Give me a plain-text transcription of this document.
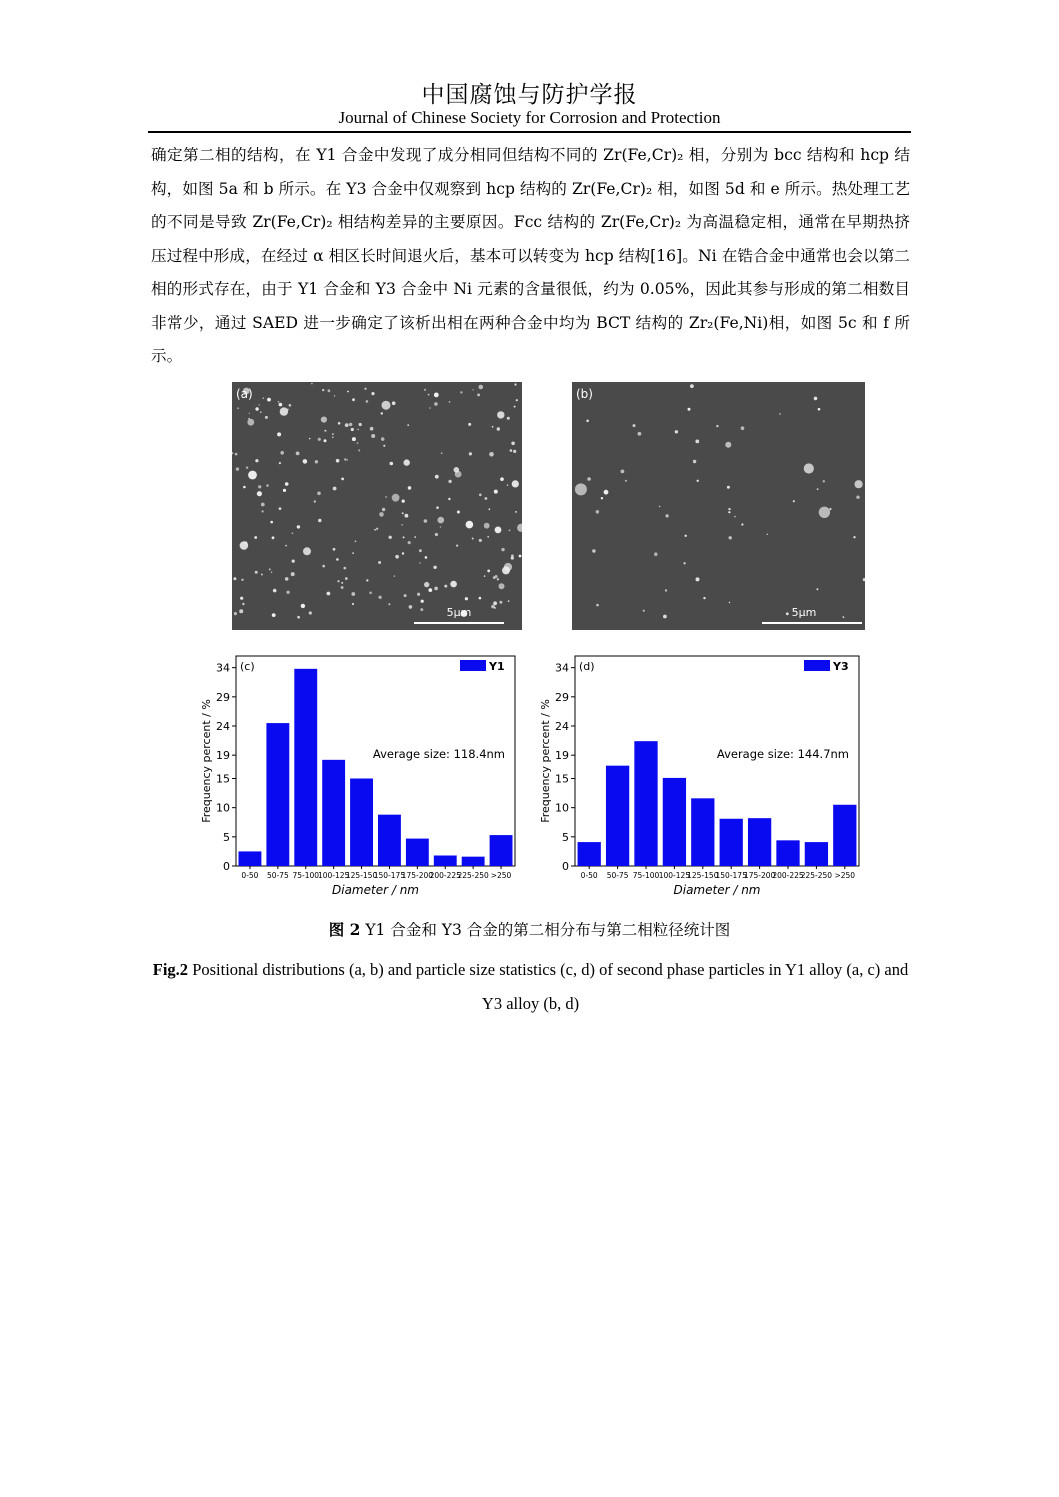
中国腐蚀与防护学报
Journal of Chinese Society for Corrosion and Protection

确定第二相的结构，在 Y1 合金中发现了成分相同但结构不同的 Zr(Fe,Cr)₂ 相，分别为 bcc 结构和 hcp 结构，如图 5a 和 b 所示。在 Y3 合金中仅观察到 hcp 结构的 Zr(Fe,Cr)₂ 相，如图 5d 和 e 所示。热处理工艺的不同是导致 Zr(Fe,Cr)₂ 相结构差异的主要原因。Fcc 结构的 Zr(Fe,Cr)₂ 为高温稳定相，通常在早期热挤压过程中形成，在经过 α 相区长时间退火后，基本可以转变为 hcp 结构[16]。Ni 在锆合金中通常也会以第二相的形式存在，由于 Y1 合金和 Y3 合金中 Ni 元素的含量很低，约为 0.05%，因此其参与形成的第二相数目非常少，通过 SAED 进一步确定了该析出相在两种合金中均为 BCT 结构的 Zr₂(Fe,Ni)相，如图 5c 和 f 所示。

(a)
5μm
(b)
5μm
0
5
10
15
19
24
29
34
0-50 50-75 75-100
100-125
125-150
150-175
175-200
200-225
225-250 >250
(c)	Y1
Average size: 118.4nm
Diameter / nm
Frequency percent / %
0
5
10
15
19
24
29
34
0-50 50-75 75-100 100-125
125-150
150-175
175-200
200-225
225-250 >250
(d)	Y3
Average size: 144.7nm
Diameter / nm
Frequency percent / %
图 2 Y1 合金和 Y3 合金的第二相分布与第二相粒径统计图
Fig.2 Positional distributions (a, b) and particle size statistics (c, d) of second phase particles in Y1 alloy (a, c) and Y3 alloy (b, d)
